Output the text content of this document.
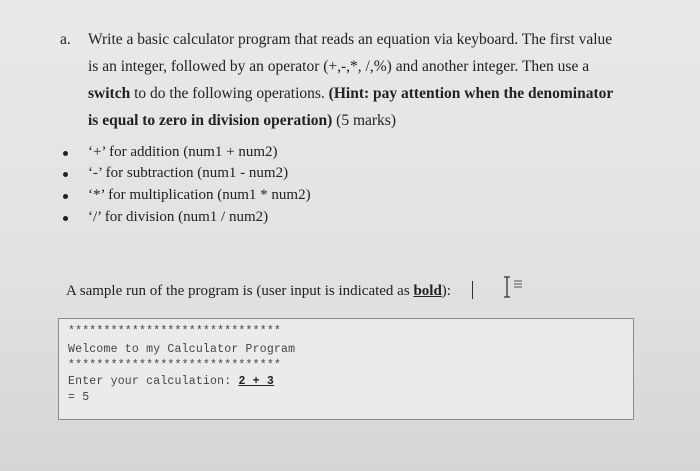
a. Write a basic calculator program that reads an equation via keyboard. The first value
is an integer, followed by an operator (+,-,*, /,%) and another integer. Then use a
switch to do the following operations. (Hint: pay attention when the denominator
is equal to zero in division operation) (5 marks)
‘+’ for addition (num1 + num2)
‘-’ for subtraction (num1 - num2)
‘*’ for multiplication (num1 * num2)
‘/’ for division (num1 / num2)
A sample run of the program is (user input is indicated as bold):
******************************
Welcome to my Calculator Program
******************************
Enter your calculation: 2 + 3
= 5
